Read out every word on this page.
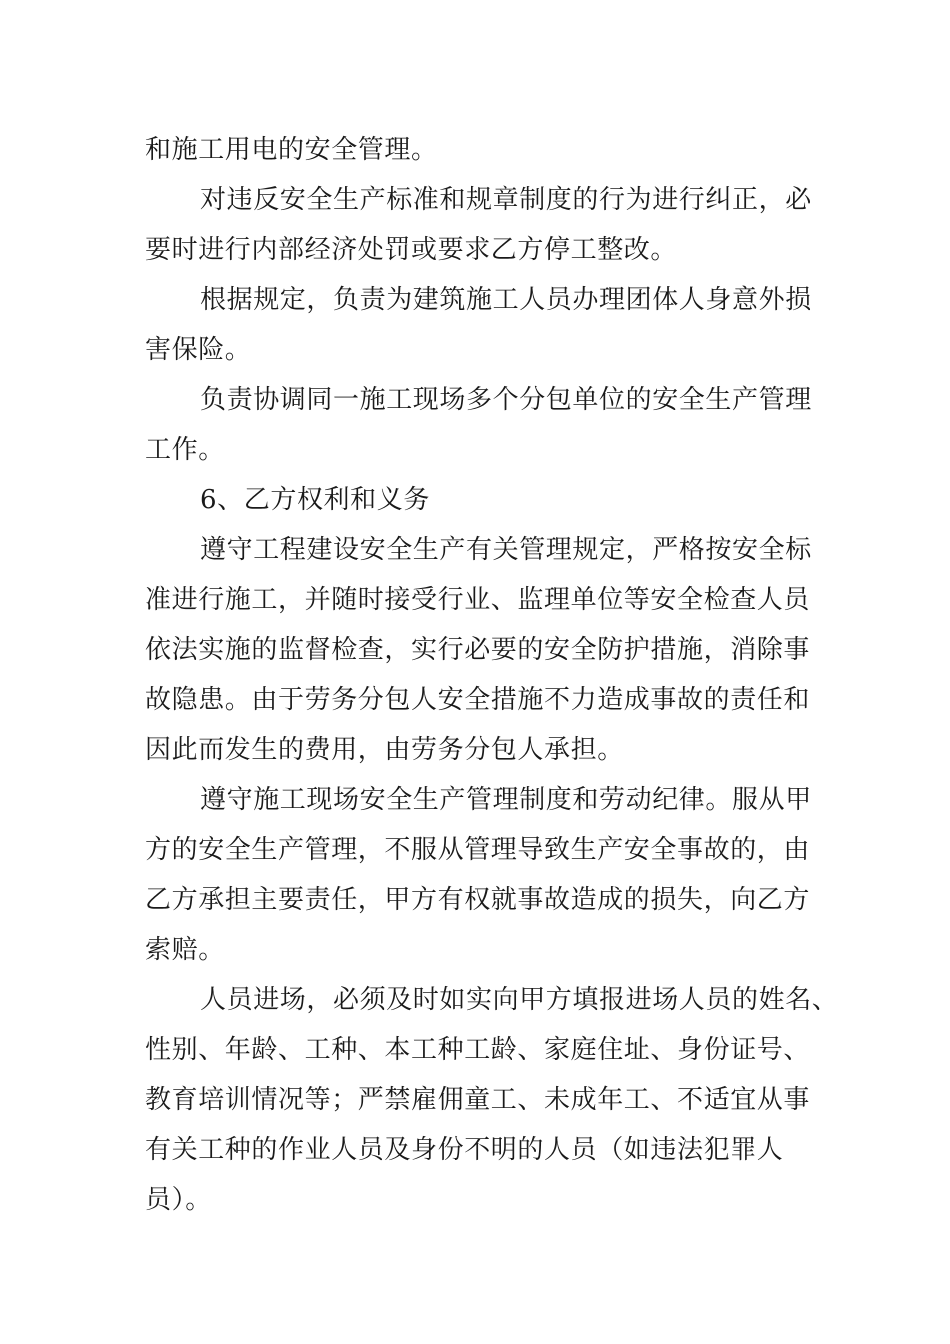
和施工用电的安全管理。
对违反安全生产标准和规章制度的行为进行纠正，必
要时进行内部经济处罚或要求乙方停工整改。
根据规定，负责为建筑施工人员办理团体人身意外损
害保险。
负责协调同一施工现场多个分包单位的安全生产管理
工作。
6、乙方权利和义务
遵守工程建设安全生产有关管理规定，严格按安全标
准进行施工，并随时接受行业、监理单位等安全检查人员
依法实施的监督检查，实行必要的安全防护措施，消除事
故隐患。由于劳务分包人安全措施不力造成事故的责任和
因此而发生的费用，由劳务分包人承担。
遵守施工现场安全生产管理制度和劳动纪律。服从甲
方的安全生产管理，不服从管理导致生产安全事故的，由
乙方承担主要责任，甲方有权就事故造成的损失，向乙方
索赔。
人员进场，必须及时如实向甲方填报进场人员的姓名、
性别、年龄、工种、本工种工龄、家庭住址、身份证号、
教育培训情况等；严禁雇佣童工、未成年工、不适宜从事
有关工种的作业人员及身份不明的人员（如违法犯罪人
员）。
